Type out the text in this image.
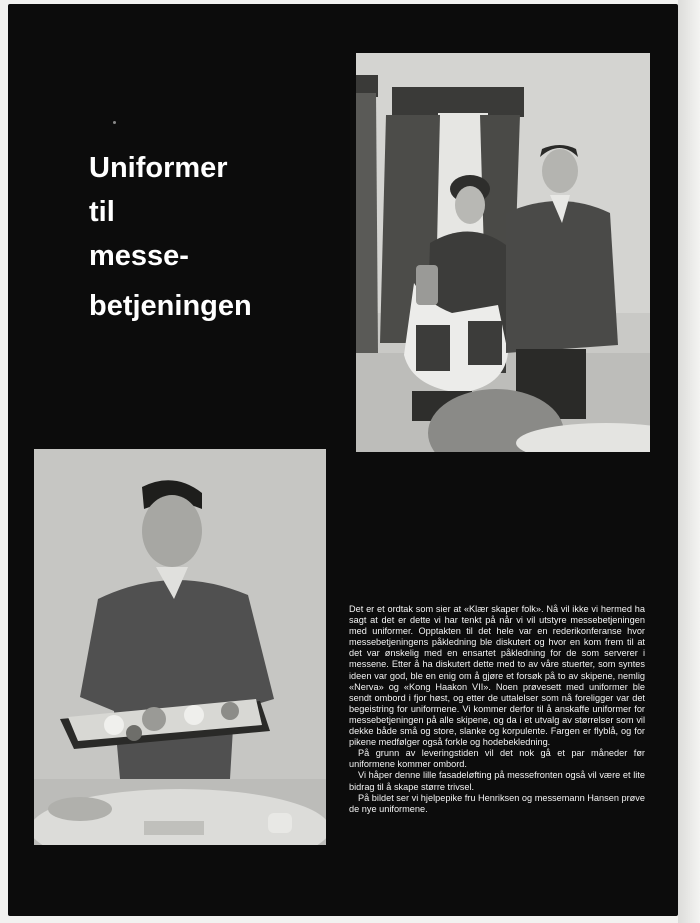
Uniformer
til
messe-
betjeningen

Det er et ordtak som sier at «Klær skaper folk». Nå vil ikke vi hermed ha sagt at det er dette vi har tenkt på når vi vil utstyre messebetjeningen med uniformer. Opptakten til det hele var en rederikonferanse hvor messebetjeningens påkledning ble diskutert og hvor en kom frem til at det var ønskelig med en ensartet påkledning for de som serverer i messene. Etter å ha diskutert dette med to av våre stuerter, som syntes ideen var god, ble en enig om å gjøre et forsøk på to av skipene, nemlig «Nerva» og «Kong Haakon VII». Noen prøvesett med uniformer ble sendt ombord i fjor høst, og etter de uttalelser som nå foreligger var det begeistring for uniformene. Vi kommer derfor til å anskaffe uniformer for messebetjeningen på alle skipene, og da i et utvalg av størrelser som vil dekke både små og store, slanke og korpulente. Fargen er flyblå, og for pikene medfølger også forkle og hodebekledning.

På grunn av leveringstiden vil det nok gå et par måneder før uniformene kommer ombord.

Vi håper denne lille fasadeløfting på messefronten også vil være et lite bidrag til å skape større trivsel.

På bildet ser vi hjelpepike fru Henriksen og messemann Hansen prøve de nye uniformene.
